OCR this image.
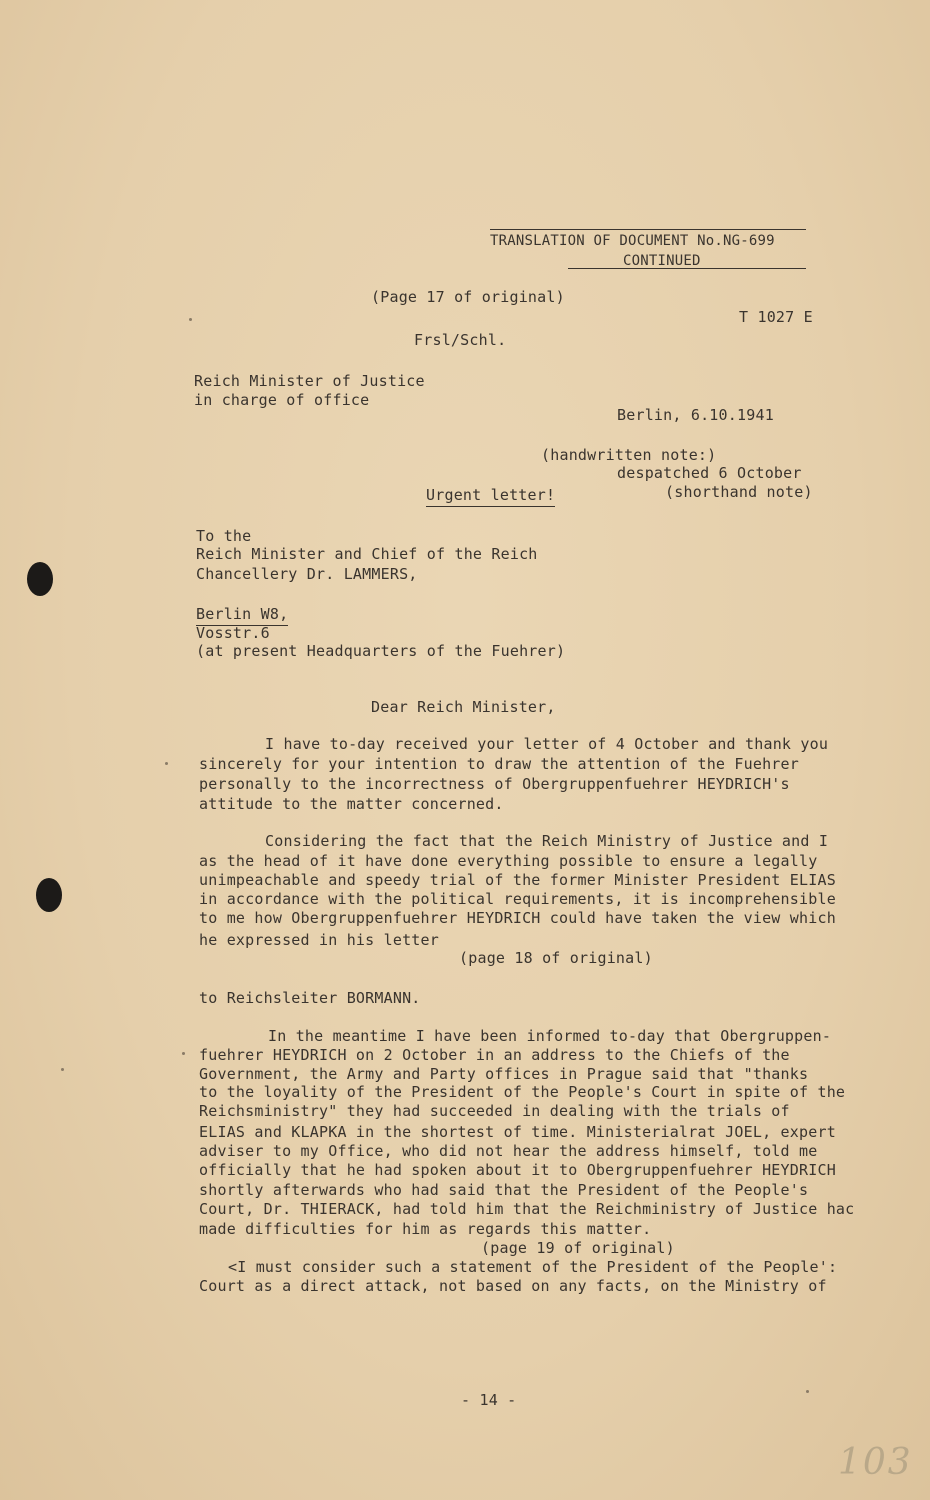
TRANSLATION OF DOCUMENT No.NG-699
CONTINUED
(Page 17 of original)
T 1027 E
Frsl/Schl.
Reich Minister of Justice
in charge of office
Berlin, 6.10.1941
(handwritten note:)
despatched 6 October
(shorthand note)
Urgent letter!
To the
Reich Minister and Chief of the Reich
Chancellery Dr. LAMMERS,
Berlin W8,
Vosstr.6
(at present Headquarters of the Fuehrer)
Dear Reich Minister,
I have to-day received your letter of 4 October and thank you
sincerely for your intention to draw the attention of the Fuehrer
personally to the incorrectness of Obergruppenfuehrer HEYDRICH's
attitude to the matter concerned.
Considering the fact that the Reich Ministry of Justice and I
as the head of it have done everything possible to ensure a legally
unimpeachable and speedy trial of the former Minister President ELIAS
in accordance with the political requirements, it is incomprehensible
to me how Obergruppenfuehrer HEYDRICH could have taken the view which
he expressed in his letter
(page 18 of original)
to Reichsleiter BORMANN.
In the meantime I have been informed to-day that Obergruppen-
fuehrer HEYDRICH on 2 October in an address to the Chiefs of the
Government, the Army and Party offices in Prague said that "thanks
to the loyality of the President of the People's Court in spite of the
Reichsministry" they had succeeded in dealing with the trials of
ELIAS and KLAPKA in the shortest of time. Ministerialrat JOEL, expert
adviser to my Office, who did not hear the address himself, told me
officially that he had spoken about it to Obergruppenfuehrer HEYDRICH
shortly afterwards who had said that the President of the People's
Court, Dr. THIERACK, had told him that the Reichministry of Justice hac
made difficulties for him as regards this matter.
(page 19 of original)
<I must consider such a statement of the President of the People':
Court as a direct attack, not based on any facts, on the Ministry of
- 14 -
103
